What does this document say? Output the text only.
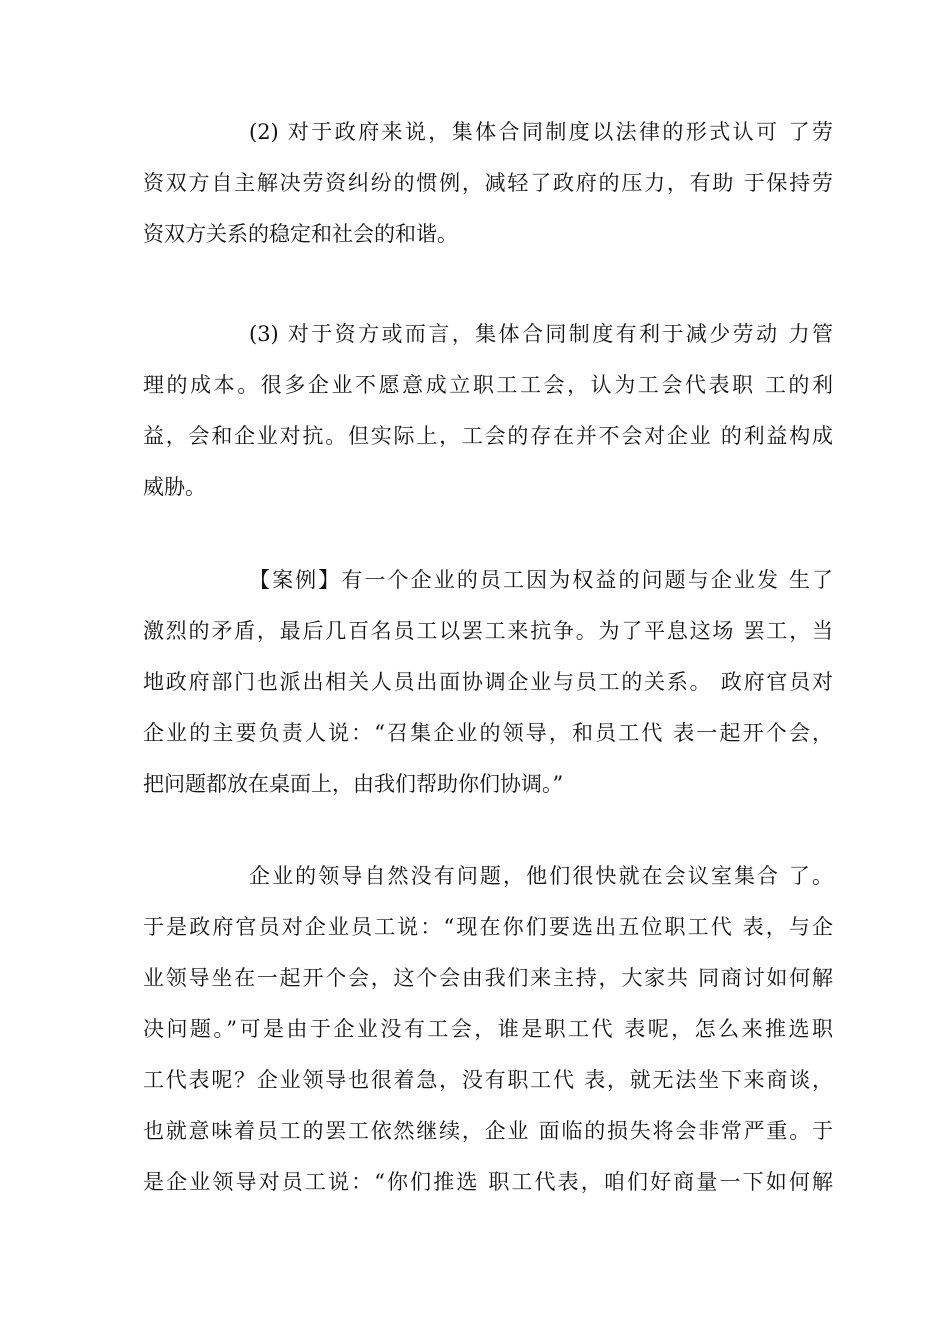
(2) 对于政府来说，集体合同制度以法律的形式认可 了劳
资双方自主解决劳资纠纷的惯例，减轻了政府的压力，有助 于保持劳
资双方关系的稳定和社会的和谐。
(3) 对于资方或而言，集体合同制度有利于减少劳动 力管
理的成本。很多企业不愿意成立职工工会，认为工会代表职 工的利
益，会和企业对抗。但实际上，工会的存在并不会对企业 的利益构成
威胁。
【案例】有一个企业的员工因为权益的问题与企业发 生了
激烈的矛盾，最后几百名员工以罢工来抗争。为了平息这场 罢工，当
地政府部门也派出相关人员出面协调企业与员工的关系。 政府官员对
企业的主要负责人说：“召集企业的领导，和员工代 表一起开个会，
把问题都放在桌面上，由我们帮助你们协调。”
企业的领导自然没有问题，他们很快就在会议室集合 了。
于是政府官员对企业员工说：“现在你们要选出五位职工代 表，与企
业领导坐在一起开个会，这个会由我们来主持，大家共 同商讨如何解
决问题。”可是由于企业没有工会，谁是职工代 表呢，怎么来推选职
工代表呢？企业领导也很着急，没有职工代 表，就无法坐下来商谈，
也就意味着员工的罢工依然继续，企业 面临的损失将会非常严重。于
是企业领导对员工说：“你们推选 职工代表，咱们好商量一下如何解
